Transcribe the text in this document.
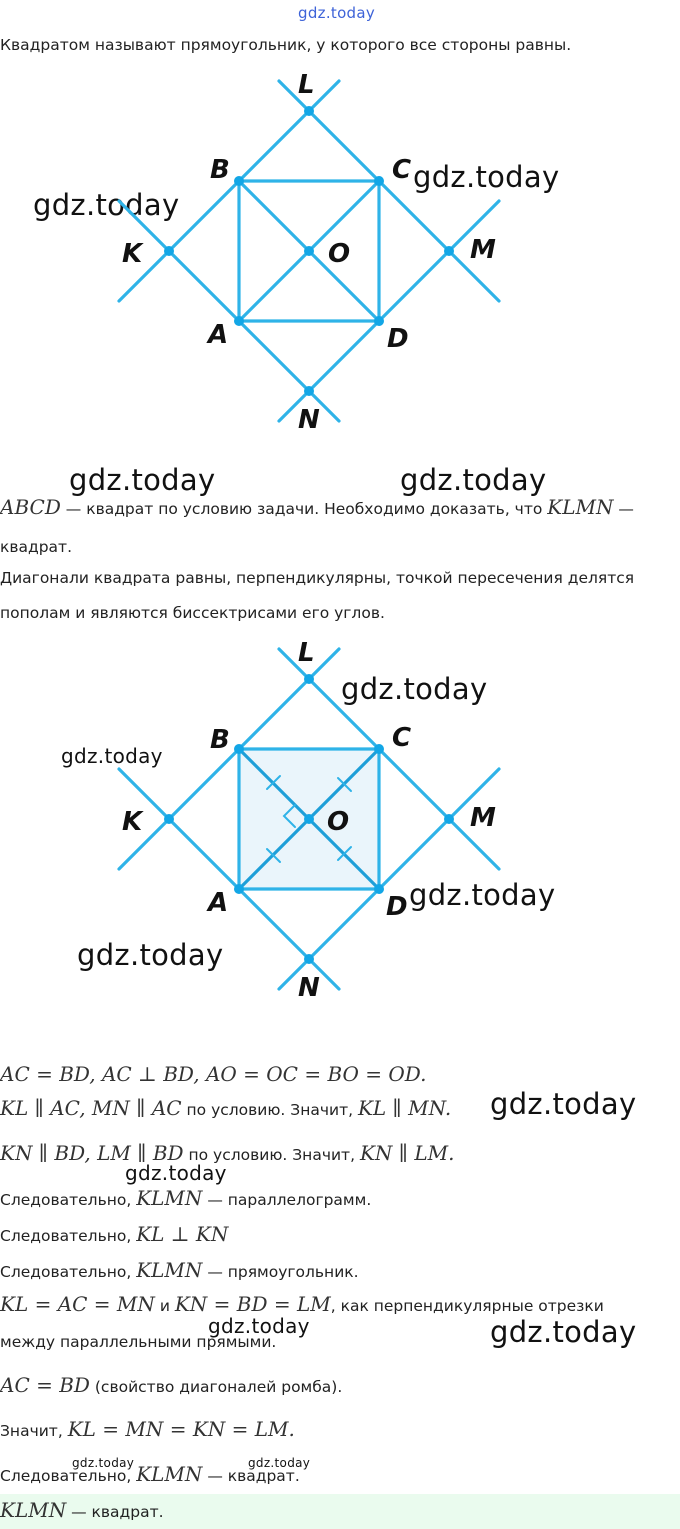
gdz.today
gdz.today
gdz.today
gdz.today	gdz.today
gdz.today
gdz.today
gdz.today
gdz.today
gdz.today
gdz.today
gdz.today	gdz.today
gdz.today	gdz.today
Квадратом называют прямоугольник, у которого все стороны равны.
L
B	C
K	O	M
A	D
N
ABCD — квадрат по условию задачи. Необходимо доказать, что KLMN —
квадрат.
Диагонали квадрата равны, перпендикулярны, точкой пересечения делятся
пополам и являются биссектрисами его углов.
L
B	C
K	O	M
A	D
N
AC = BD, AC ⊥ BD, AO = OC = BO = OD.
KL ∥ AC, MN ∥ AC по условию. Значит, KL ∥ MN.
KN ∥ BD, LM ∥ BD по условию. Значит, KN ∥ LM.
Следовательно, KLMN — параллелограмм.
Следовательно, KL ⊥ KN
Следовательно, KLMN — прямоугольник.
KL = AC = MN и KN = BD = LM, как перпендикулярные отрезки
между параллельными прямыми.
AC = BD (свойство диагоналей ромба).
Значит, KL = MN = KN = LM.
Следовательно, KLMN — квадрат.
KLMN — квадрат.
